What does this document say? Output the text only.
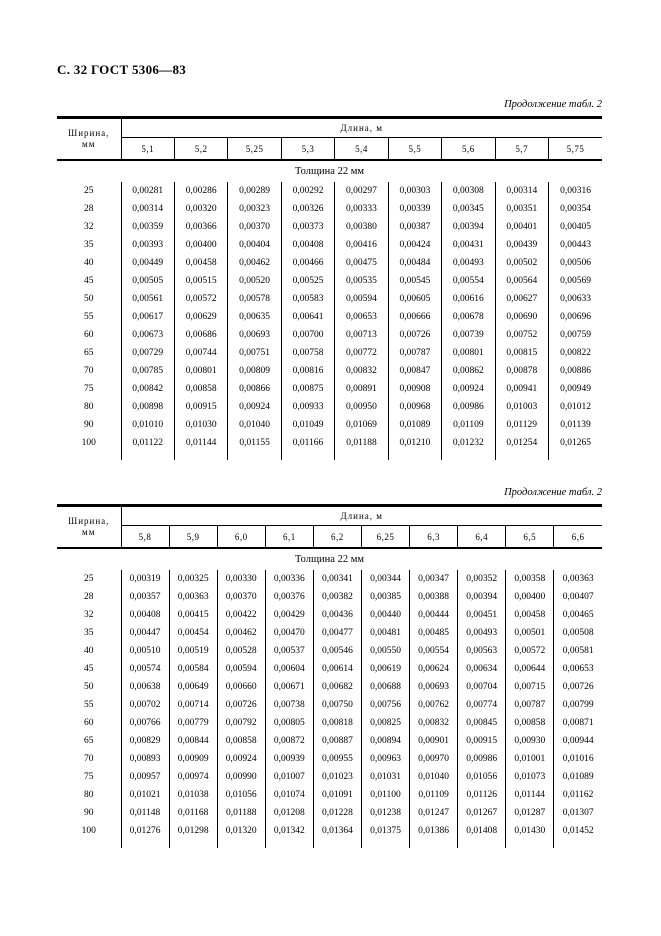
С. 32 ГОСТ 5306—83
Продолжение табл. 2
Ширина,
мм	Длина, м								
	5,1	5,2	5,25	5,3	5,4	5,5	5,6	5,7	5,75
Толщина 22 мм									
25	0,00281	0,00286	0,00289	0,00292	0,00297	0,00303	0,00308	0,00314	0,00316
28	0,00314	0,00320	0,00323	0,00326	0,00333	0,00339	0,00345	0,00351	0,00354
32	0,00359	0,00366	0,00370	0,00373	0,00380	0,00387	0,00394	0,00401	0,00405
35	0,00393	0,00400	0,00404	0,00408	0,00416	0,00424	0,00431	0,00439	0,00443
40	0,00449	0,00458	0,00462	0,00466	0,00475	0,00484	0,00493	0,00502	0,00506
45	0,00505	0,00515	0,00520	0,00525	0,00535	0,00545	0,00554	0,00564	0,00569
50	0,00561	0,00572	0,00578	0,00583	0,00594	0,00605	0,00616	0,00627	0,00633
55	0,00617	0,00629	0,00635	0,00641	0,00653	0,00666	0,00678	0,00690	0,00696
60	0,00673	0,00686	0,00693	0,00700	0,00713	0,00726	0,00739	0,00752	0,00759
65	0,00729	0,00744	0,00751	0,00758	0,00772	0,00787	0,00801	0,00815	0,00822
70	0,00785	0,00801	0,00809	0,00816	0,00832	0,00847	0,00862	0,00878	0,00886
75	0,00842	0,00858	0,00866	0,00875	0,00891	0,00908	0,00924	0,00941	0,00949
80	0,00898	0,00915	0,00924	0,00933	0,00950	0,00968	0,00986	0,01003	0,01012
90	0,01010	0,01030	0,01040	0,01049	0,01069	0,01089	0,01109	0,01129	0,01139
100	0,01122	0,01144	0,01155	0,01166	0,01188	0,01210	0,01232	0,01254	0,01265

Продолжение табл. 2
Ширина,
мм	Длина, м									
	5,8	5,9	6,0	6,1	6,2	6,25	6,3	6,4	6,5	6,6
Толщина 22 мм										
25	0,00319	0,00325	0,00330	0,00336	0,00341	0,00344	0,00347	0,00352	0,00358	0,00363
28	0,00357	0,00363	0,00370	0,00376	0,00382	0,00385	0,00388	0,00394	0,00400	0,00407
32	0,00408	0,00415	0,00422	0,00429	0,00436	0,00440	0,00444	0,00451	0,00458	0,00465
35	0,00447	0,00454	0,00462	0,00470	0,00477	0,00481	0,00485	0,00493	0,00501	0,00508
40	0,00510	0,00519	0,00528	0,00537	0,00546	0,00550	0,00554	0,00563	0,00572	0,00581
45	0,00574	0,00584	0,00594	0,00604	0,00614	0,00619	0,00624	0,00634	0,00644	0,00653
50	0,00638	0,00649	0,00660	0,00671	0,00682	0,00688	0,00693	0,00704	0,00715	0,00726
55	0,00702	0,00714	0,00726	0,00738	0,00750	0,00756	0,00762	0,00774	0,00787	0,00799
60	0,00766	0,00779	0,00792	0,00805	0,00818	0,00825	0,00832	0,00845	0,00858	0,00871
65	0,00829	0,00844	0,00858	0,00872	0,00887	0,00894	0,00901	0,00915	0,00930	0,00944
70	0,00893	0,00909	0,00924	0,00939	0,00955	0,00963	0,00970	0,00986	0,01001	0,01016
75	0,00957	0,00974	0,00990	0,01007	0,01023	0,01031	0,01040	0,01056	0,01073	0,01089
80	0,01021	0,01038	0,01056	0,01074	0,01091	0,01100	0,01109	0,01126	0,01144	0,01162
90	0,01148	0,01168	0,01188	0,01208	0,01228	0,01238	0,01247	0,01267	0,01287	0,01307
100	0,01276	0,01298	0,01320	0,01342	0,01364	0,01375	0,01386	0,01408	0,01430	0,01452
